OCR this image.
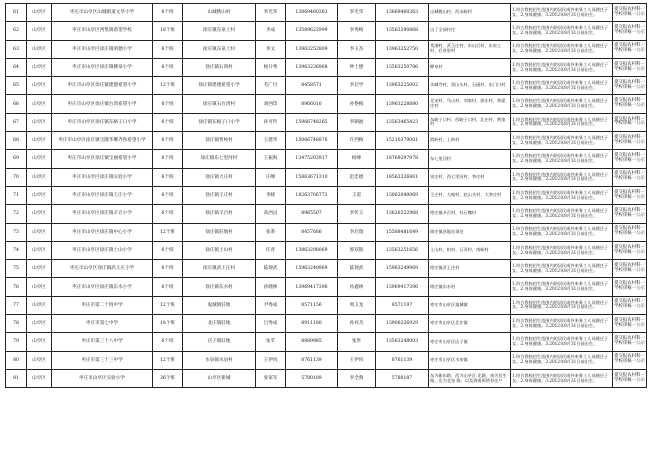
61	山亭区	枣庄市山亭区山城街道文华小学	6个班	山城桃山村	李光华	13869460363	李光华	13869460363	山城桃山村、西水峪村	1.符合我校招生范围内的居民或外来务工人员随迁子女。2.身体健康。3.2012年8月31日前出生。	提交报农村科一学校审核一公示
62	山亭区	枣庄市山亭区西集镇希望学校	18个班	徐庄镇东泉上村	李成	13589622999	李秀梅	13563390868	山丁全部村庄	1.符合我校招生范围内的居民或外来务工人员随迁子女。2.身体健康。3.2012年8月31日前出生。	提交报农村科一学校审核一公示
63	山亭区	枣庄市山亭区徐庄镇明德小学	6个班	徐庄镇东泉上村	李文	13963252809	李玉杰	13963252750	苇湖村、武王庄村、东山后村、东泉上村、后泉里村	1.符合我校招生范围内的居民或外来务工人员随迁子女。2.身体健康。3.2012年8月31日前出生。	提交报农村科一学校审核一公示
64	山亭区	枣庄市山亭区徐庄镇柳泉小学	6个班	徐庄镇石窝村	杨开秀	13963236968	钟士德	13563250796	柳泉村	1.符合我校招生范围内的居民或外来务工人员随迁子女。2.身体健康。3.2012年8月31日前出生。	提交报农村科一学校审核一公示
65	山亭区	枣庄市山亭区徐庄镇建德希望小学	12个班	徐庄镇建德希望小学	毛广付	8458571	李启学	13963225002	水城寺村、窝山头村、石砚村、东门口村	1.符合我校招生范围内的居民或外来务工人员随迁子女。2.身体健康。3.2012年8月31日前出生。	提交报农村科一学校审核一公示
66	山亭区	枣庄市山亭区徐庄镇台湾希望小学	6个班	徐庄镇石台湾村	刘西印	8966010	孙艳梅	13963228880	北宋村、马山村、刘家村、郭庄村、黄崖庄村	1.符合我校招生范围内的居民或外来务工人员随迁子女。2.身体健康。3.2012年8月31日前出生。	提交报农村科一学校审核一公示
67	山亭区	枣庄市山亭区徐庄镇东峪子口小学	6个班	徐庄镇东峪子口小学	孙可传	15966748265	李朝福	13563465423	东峪子口村、西峪子口村、北庄村、荆家村	1.符合我校招生范围内的居民或外来务工人员随迁子女。2.身体健康。3.2012年8月31日前出生。	提交报农村科一学校审核一公示
68	山亭区	枣庄市山亭区徐庄镇宝隆华鹰齐鲁希望小学	6个班	徐庄镇贾岭村	王建华	15066748876	许西梅	15210379001	滑岭村、上岭村	1.符合我校招生范围内的居民或外来务工人员随迁子女。2.身体健康。3.2012年8月31日前出生。	提交报农村科一学校审核一公示
69	山亭区	枣庄市山亭区徐庄镇宝丽希望小学	6个班	徐庄镇东七里河村	王振海	13475203917	杨峰	18769297978	东七里河村	1.符合我校招生范围内的居民或外来务工人员随迁子女。2.身体健康。3.2012年8月31日前出生。	提交报农村科一学校审核一公示
70	山亭区	枣庄市山亭区徐庄镇实验小学	6个班	徐庄镇大庄村	庄峰	15863671310	赵忠德	18563326861	宋庄村、西七里河村、李庄村	1.符合我校招生范围内的居民或外来务工人员随迁子女。2.身体健康。3.2012年8月31日前出生。	提交报农村科一学校审核一公示
71	山亭区	枣庄市山亭区徐庄镇王庄小学	6个班	徐庄镇王庄村	李晓	18263766772	王雷	13062040069	王庄村、大峪村、赵山头村、大李庄村	1.符合我校招生范围内的居民或外来务工人员随迁子女。2.身体健康。3.2012年8月31日前出生。	提交报农村科一学校审核一公示
72	山亭区	枣庄市山亭区徐庄镇辛召小学	6个班	徐庄镇辛召村	高西良	8965507	李传玉	13626322968	徐庄镇辛召村、杜石嘴村	1.符合我校招生范围内的居民或外来务工人员随迁子女。2.身体健康。3.2012年8月31日前出生。	提交报农村科一学校审核一公示
73	山亭区	枣庄市山亭区徐庄镇中心小学	12个班	徐庄镇驻地村	张茶	8457686	李启瑞	15588481649	徐庄镇驻地办事处	1.符合我校招生范围内的居民或外来务工人员随迁子女。2.身体健康。3.2012年8月31日前出生。	提交报农村科一学校审核一公示
74	山亭区	枣庄市山亭区徐庄镇土山小学	6个班	徐庄镇土山村	许青	13863298069	郭双银	13563251656	土山村、柏村、石河村、南峪村	1.符合我校招生范围内的居民或外来务工人员随迁子女。2.身体健康。3.2012年8月31日前出生。	提交报农村科一学校审核一公示
75	山亭区	枣庄市山亭区徐庄镇武王庄小学	6个班	徐庄镇武王庄村	陆现武	15963249969	陆现武	15963249969	徐庄镇武王庄村	1.符合我校招生范围内的居民或外来务工人员随迁子女。2.身体健康。3.2012年8月31日前出生。	提交报农村科一学校审核一公示
76	山亭区	枣庄市山亭区徐庄镇东水小学	6个班	徐庄镇东水村	孙晓林	13969417396	孙鑫林	13969417396	徐庄镇东水村	1.符合我校招生范围内的居民或外来务工人员随迁子女。2.身体健康。3.2012年8月31日前出生。	提交报农村科一学校审核一公示
77	山亭区	枣庄市第二十四中学	12个班	鬼城镇驻地	尹秀成	8571156	周玉龙	8571197	枣庄市山亭区鬼城镇	1.符合我校招生范围内的居民或外来务工人员随迁子女。2.身体健康。3.2012年8月31日前出生。	提交报农村科一学校审核一公示
78	山亭区	枣庄市第七中学	18个班	北庄镇驻地	吕秀成	8911180	孙祥杰	13906326929	枣庄市山亭区北庄镇	1.符合我校招生范围内的居民或外来务工人员随迁子女。2.身体健康。3.2012年8月31日前出生。	提交报农村科一学校审核一公示
79	山亭区	枣庄市第三十八中学	6个班	店子镇驻地	张苹	8989985	张世	13563248003	枣庄市山亭区店子镇	1.符合我校招生范围内的居民或外来务工人员随迁子女。2.身体健康。3.2012年8月31日前出生。	提交报农村科一学校审核一公示
80	山亭区	枣庄市第三十三中学	12个班	水泉镇水泉村	王伊风	8761139	王伊风	8761139	枣庄市山亭区水泉镇	1.符合我校招生范围内的居民或外来务工人员随迁子女。2.身体健康。3.2012年8月31日前出生。	提交报农村科一学校审核一公示
81	山亭区	枣庄市山亭区实验小学	36个班	山亭区新城	张家军	5780189	李全燕	5780187	东为新东路，西为山亭区 北路，南为民生路，北为北泉 路，以及海南街所有住户	1.符合我校招生范围内的居民或外来务工人员随迁子女。2.身体健康。3.2012年8月31日前出生。	提交报农村科一学校审核一公示
